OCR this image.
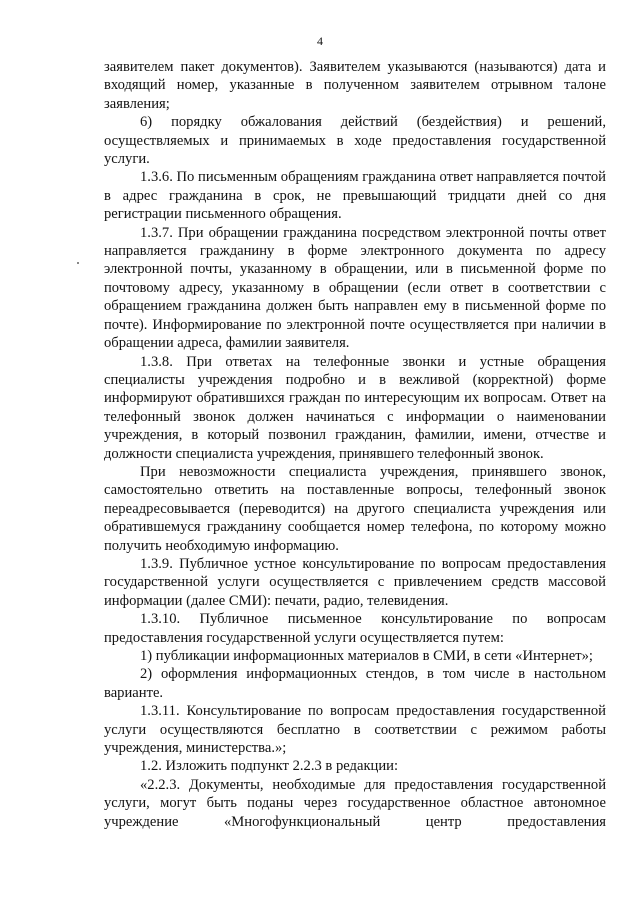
4

заявителем пакет документов). Заявителем указываются (называются) дата и входящий номер, указанные в полученном заявителем отрывном талоне заявления;

6) порядку обжалования действий (бездействия) и решений, осуществляемых и принимаемых в ходе предоставления государственной услуги.

1.3.6. По письменным обращениям гражданина ответ направляется почтой в адрес гражданина в срок, не превышающий тридцати дней со дня регистрации письменного обращения.

1.3.7. При обращении гражданина посредством электронной почты ответ направляется гражданину в форме электронного документа по адресу электронной почты, указанному в обращении, или в письменной форме по почтовому адресу, указанному в обращении (если ответ в соответствии с обращением гражданина должен быть направлен ему в письменной форме по почте). Информирование по электронной почте осуществляется при наличии в обращении адреса, фамилии заявителя.

1.3.8. При ответах на телефонные звонки и устные обращения специалисты учреждения подробно и в вежливой (корректной) форме информируют обратившихся граждан по интересующим их вопросам. Ответ на телефонный звонок должен начинаться с информации о наименовании учреждения, в который позвонил гражданин, фамилии, имени, отчестве и должности специалиста учреждения, принявшего телефонный звонок.

При невозможности специалиста учреждения, принявшего звонок, самостоятельно ответить на поставленные вопросы, телефонный звонок переадресовывается (переводится) на другого специалиста учреждения или обратившемуся гражданину сообщается номер телефона, по которому можно получить необходимую информацию.

1.3.9. Публичное устное консультирование по вопросам предоставления государственной услуги осуществляется с привлечением средств массовой информации (далее СМИ): печати, радио, телевидения.

1.3.10. Публичное письменное консультирование по вопросам предоставления государственной услуги осуществляется путем:

1) публикации информационных материалов в СМИ, в сети «Интернет»;

2) оформления информационных стендов, в том числе в настольном варианте.

1.3.11. Консультирование по вопросам предоставления государственной услуги осуществляются бесплатно в соответствии с режимом работы учреждения, министерства.»;

1.2. Изложить подпункт 2.2.3 в редакции:

«2.2.3. Документы, необходимые для предоставления государственной услуги, могут быть поданы через государственное областное автономное учреждение «Многофункциональный центр предоставления
